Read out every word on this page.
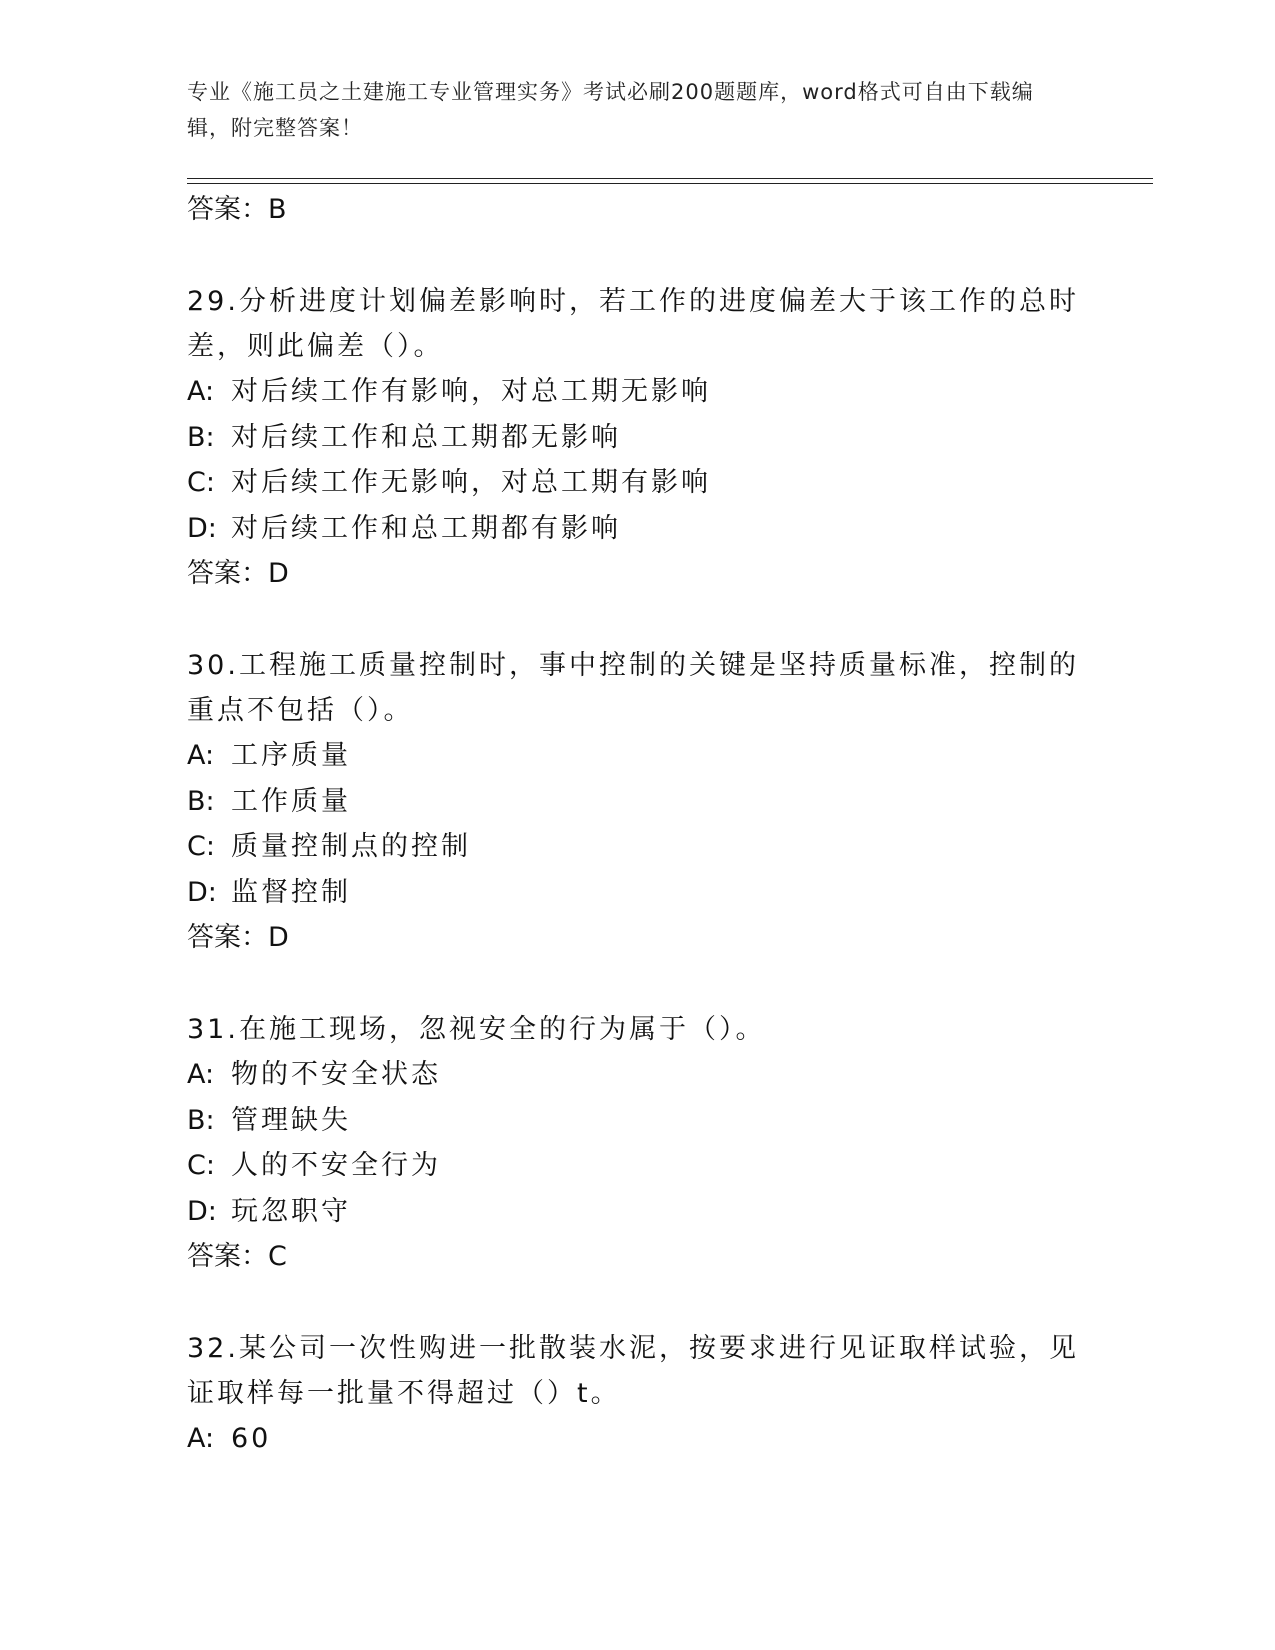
专业《施工员之土建施工专业管理实务》考试必刷200题题库，word格式可自由下载编辑，附完整答案！
答案：B
29.分析进度计划偏差影响时，若工作的进度偏差大于该工作的总时差，则此偏差（）。
A: 对后续工作有影响，对总工期无影响
B: 对后续工作和总工期都无影响
C: 对后续工作无影响，对总工期有影响
D: 对后续工作和总工期都有影响
答案：D
30.工程施工质量控制时，事中控制的关键是坚持质量标准，控制的重点不包括（）。
A: 工序质量
B: 工作质量
C: 质量控制点的控制
D: 监督控制
答案：D
31.在施工现场，忽视安全的行为属于（）。
A: 物的不安全状态
B: 管理缺失
C: 人的不安全行为
D: 玩忽职守
答案：C
32.某公司一次性购进一批散装水泥，按要求进行见证取样试验，见证取样每一批量不得超过（）t。
A: 60
